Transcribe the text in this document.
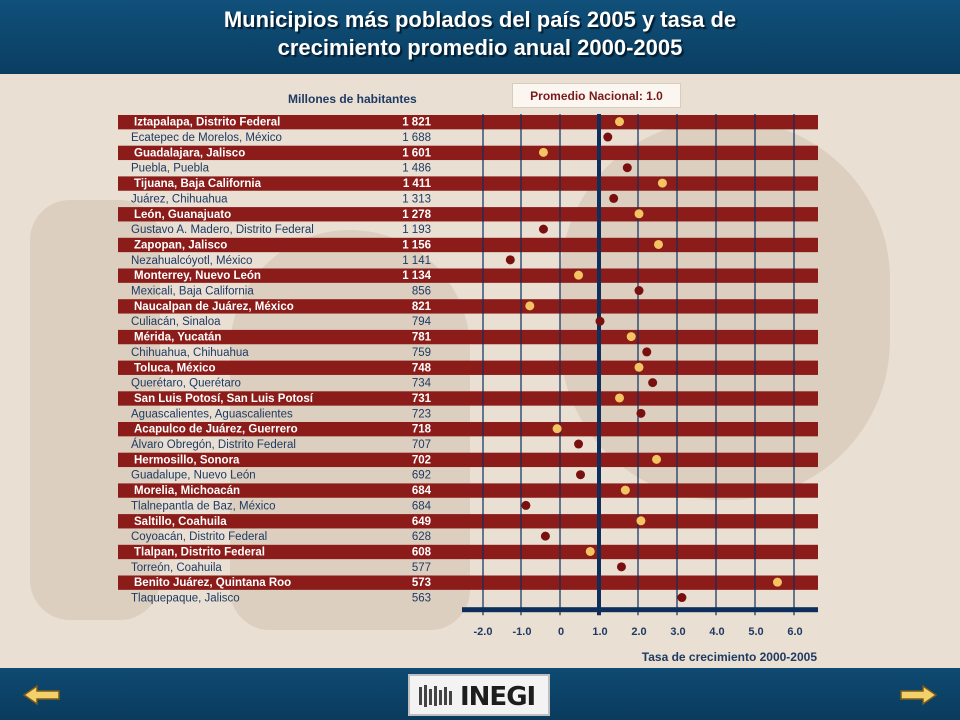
Municipios más poblados del país 2005 y tasa de
crecimiento promedio anual 2000-2005
Millones de habitantes	Promedio Nacional: 1.0
Iztapalapa, Distrito Federal	1 821
Ecatepec de Morelos, México	1 688
Guadalajara, Jalisco	1 601
Puebla, Puebla	1 486
Tijuana, Baja California	1 411
Juárez, Chihuahua	1 313
León, Guanajuato	1 278
Gustavo A. Madero, Distrito Federal	1 193
Zapopan, Jalisco	1 156
Nezahualcóyotl, México	1 141
Monterrey, Nuevo León	1 134
Mexicali, Baja California	856
Naucalpan de Juárez, México	821
Culiacán, Sinaloa	794
Mérida, Yucatán	781
Chihuahua, Chihuahua	759
Toluca, México	748
Querétaro, Querétaro	734
San Luis Potosí, San Luis Potosí	731
Aguascalientes, Aguascalientes	723
Acapulco de Juárez, Guerrero	718
Álvaro Obregón, Distrito Federal	707
Hermosillo, Sonora	702
Guadalupe, Nuevo León	692
Morelia, Michoacán	684
Tlalnepantla de Baz, México	684
Saltillo, Coahuila	649
Coyoacán, Distrito Federal	628
Tlalpan, Distrito Federal	608
Torreón, Coahuila	577
Benito Juárez, Quintana Roo	573
Tlaquepaque, Jalisco	563
-2.0 -1.0 0	1.0 2.0 3.0 4.0 5.0 6.0
Tasa de crecimiento 2000-2005
INEGI
